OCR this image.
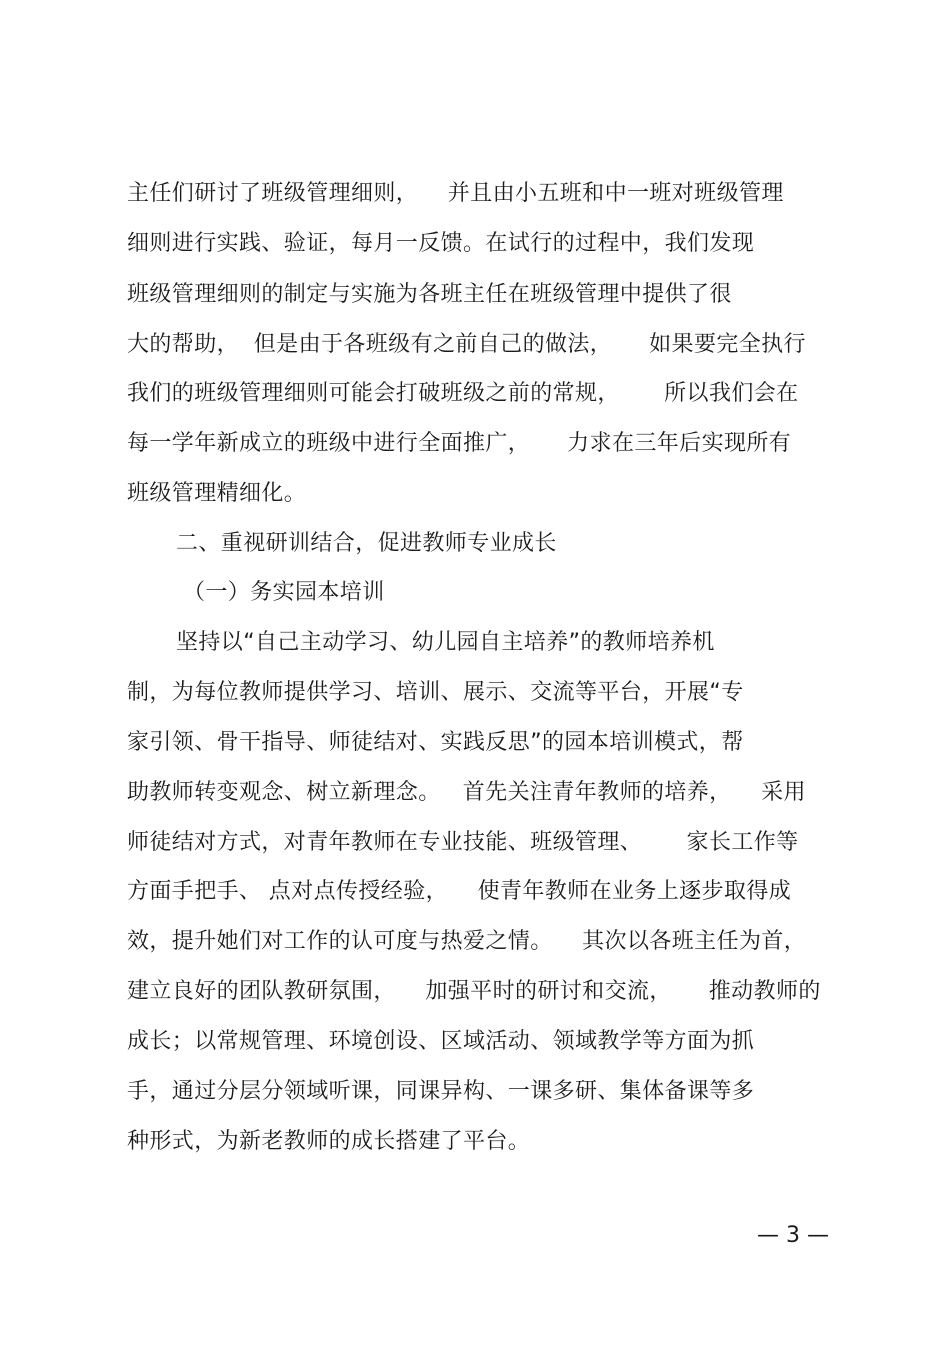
主任们研讨了班级管理细则，    并且由小五班和中一班对班级管理
细则进行实践、验证，每月一反馈。在试行的过程中，我们发现
班级管理细则的制定与实施为各班主任在班级管理中提供了很
大的帮助，  但是由于各班级有之前自己的做法，     如果要完全执行
我们的班级管理细则可能会打破班级之前的常规，      所以我们会在
每一学年新成立的班级中进行全面推广，     力求在三年后实现所有
班级管理精细化。
二、重视研训结合，促进教师专业成长
（一）务实园本培训
坚持以“自己主动学习、幼儿园自主培养”的教师培养机
制，为每位教师提供学习、培训、展示、交流等平台，开展“专
家引领、骨干指导、师徒结对、实践反思”的园本培训模式，帮
助教师转变观念、树立新理念。   首先关注青年教师的培养，    采用
师徒结对方式，对青年教师在专业技能、班级管理、      家长工作等
方面手把手、 点对点传授经验，    使青年教师在业务上逐步取得成
效，提升她们对工作的认可度与热爱之情。    其次以各班主任为首，
建立良好的团队教研氛围，    加强平时的研讨和交流，     推动教师的
成长；以常规管理、环境创设、区域活动、领域教学等方面为抓
手，通过分层分领域听课，同课异构、一课多研、集体备课等多
种形式，为新老教师的成长搭建了平台。
— 3 —
